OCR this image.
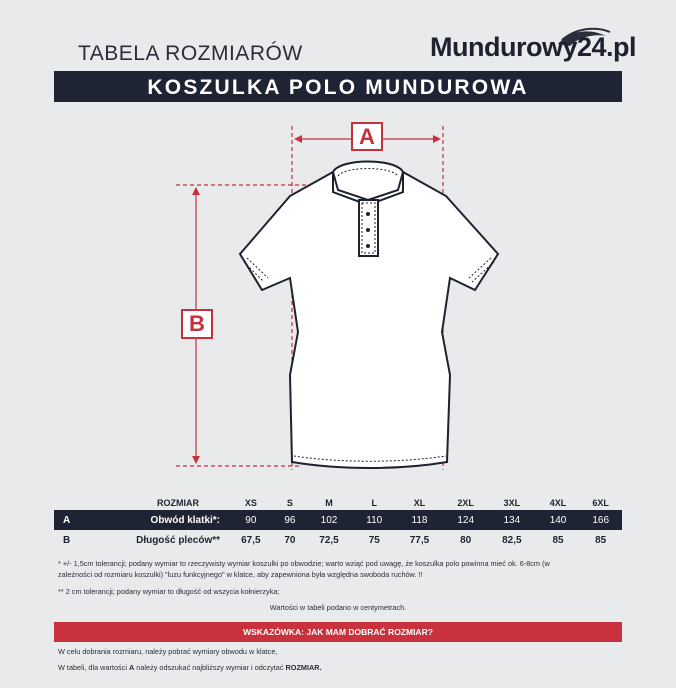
TABELA ROZMIARÓW	Mundurowy24.pl
KOSZULKA POLO MUNDUROWA
A
B
	ROZMIAR	XS	S	M	L	XL	2XL	3XL	4XL	6XL
A	Obwód klatki*:	90	96	102	110	118	124	134	140	166
B	Długość pleców**	67,5	70	72,5	75	77,5	80	82,5	85	85
* +/- 1,5cm tolerancji; podany wymiar to rzeczywisty wymiar koszulki po obwodzie; warto wziąć pod uwagę, że koszulka polo powinna mieć ok. 6-8cm (w
zależności od rozmiaru koszulki) "luzu funkcyjnego" w klatce, aby zapewniona była względna swoboda ruchów. !!
** 2 cm tolerancji; podany wymiar to długość od wszycia kołnierzyka;
Wartości w tabeli podano w centymetrach.
WSKAZÓWKA: JAK MAM DOBRAĆ ROZMIAR?
W celu dobrania rozmiaru, należy pobrać wymiary obwodu w klatce,
W tabeli, dla wartości A należy odszukać najbliższy wymiar i odczytać ROZMIAR.
